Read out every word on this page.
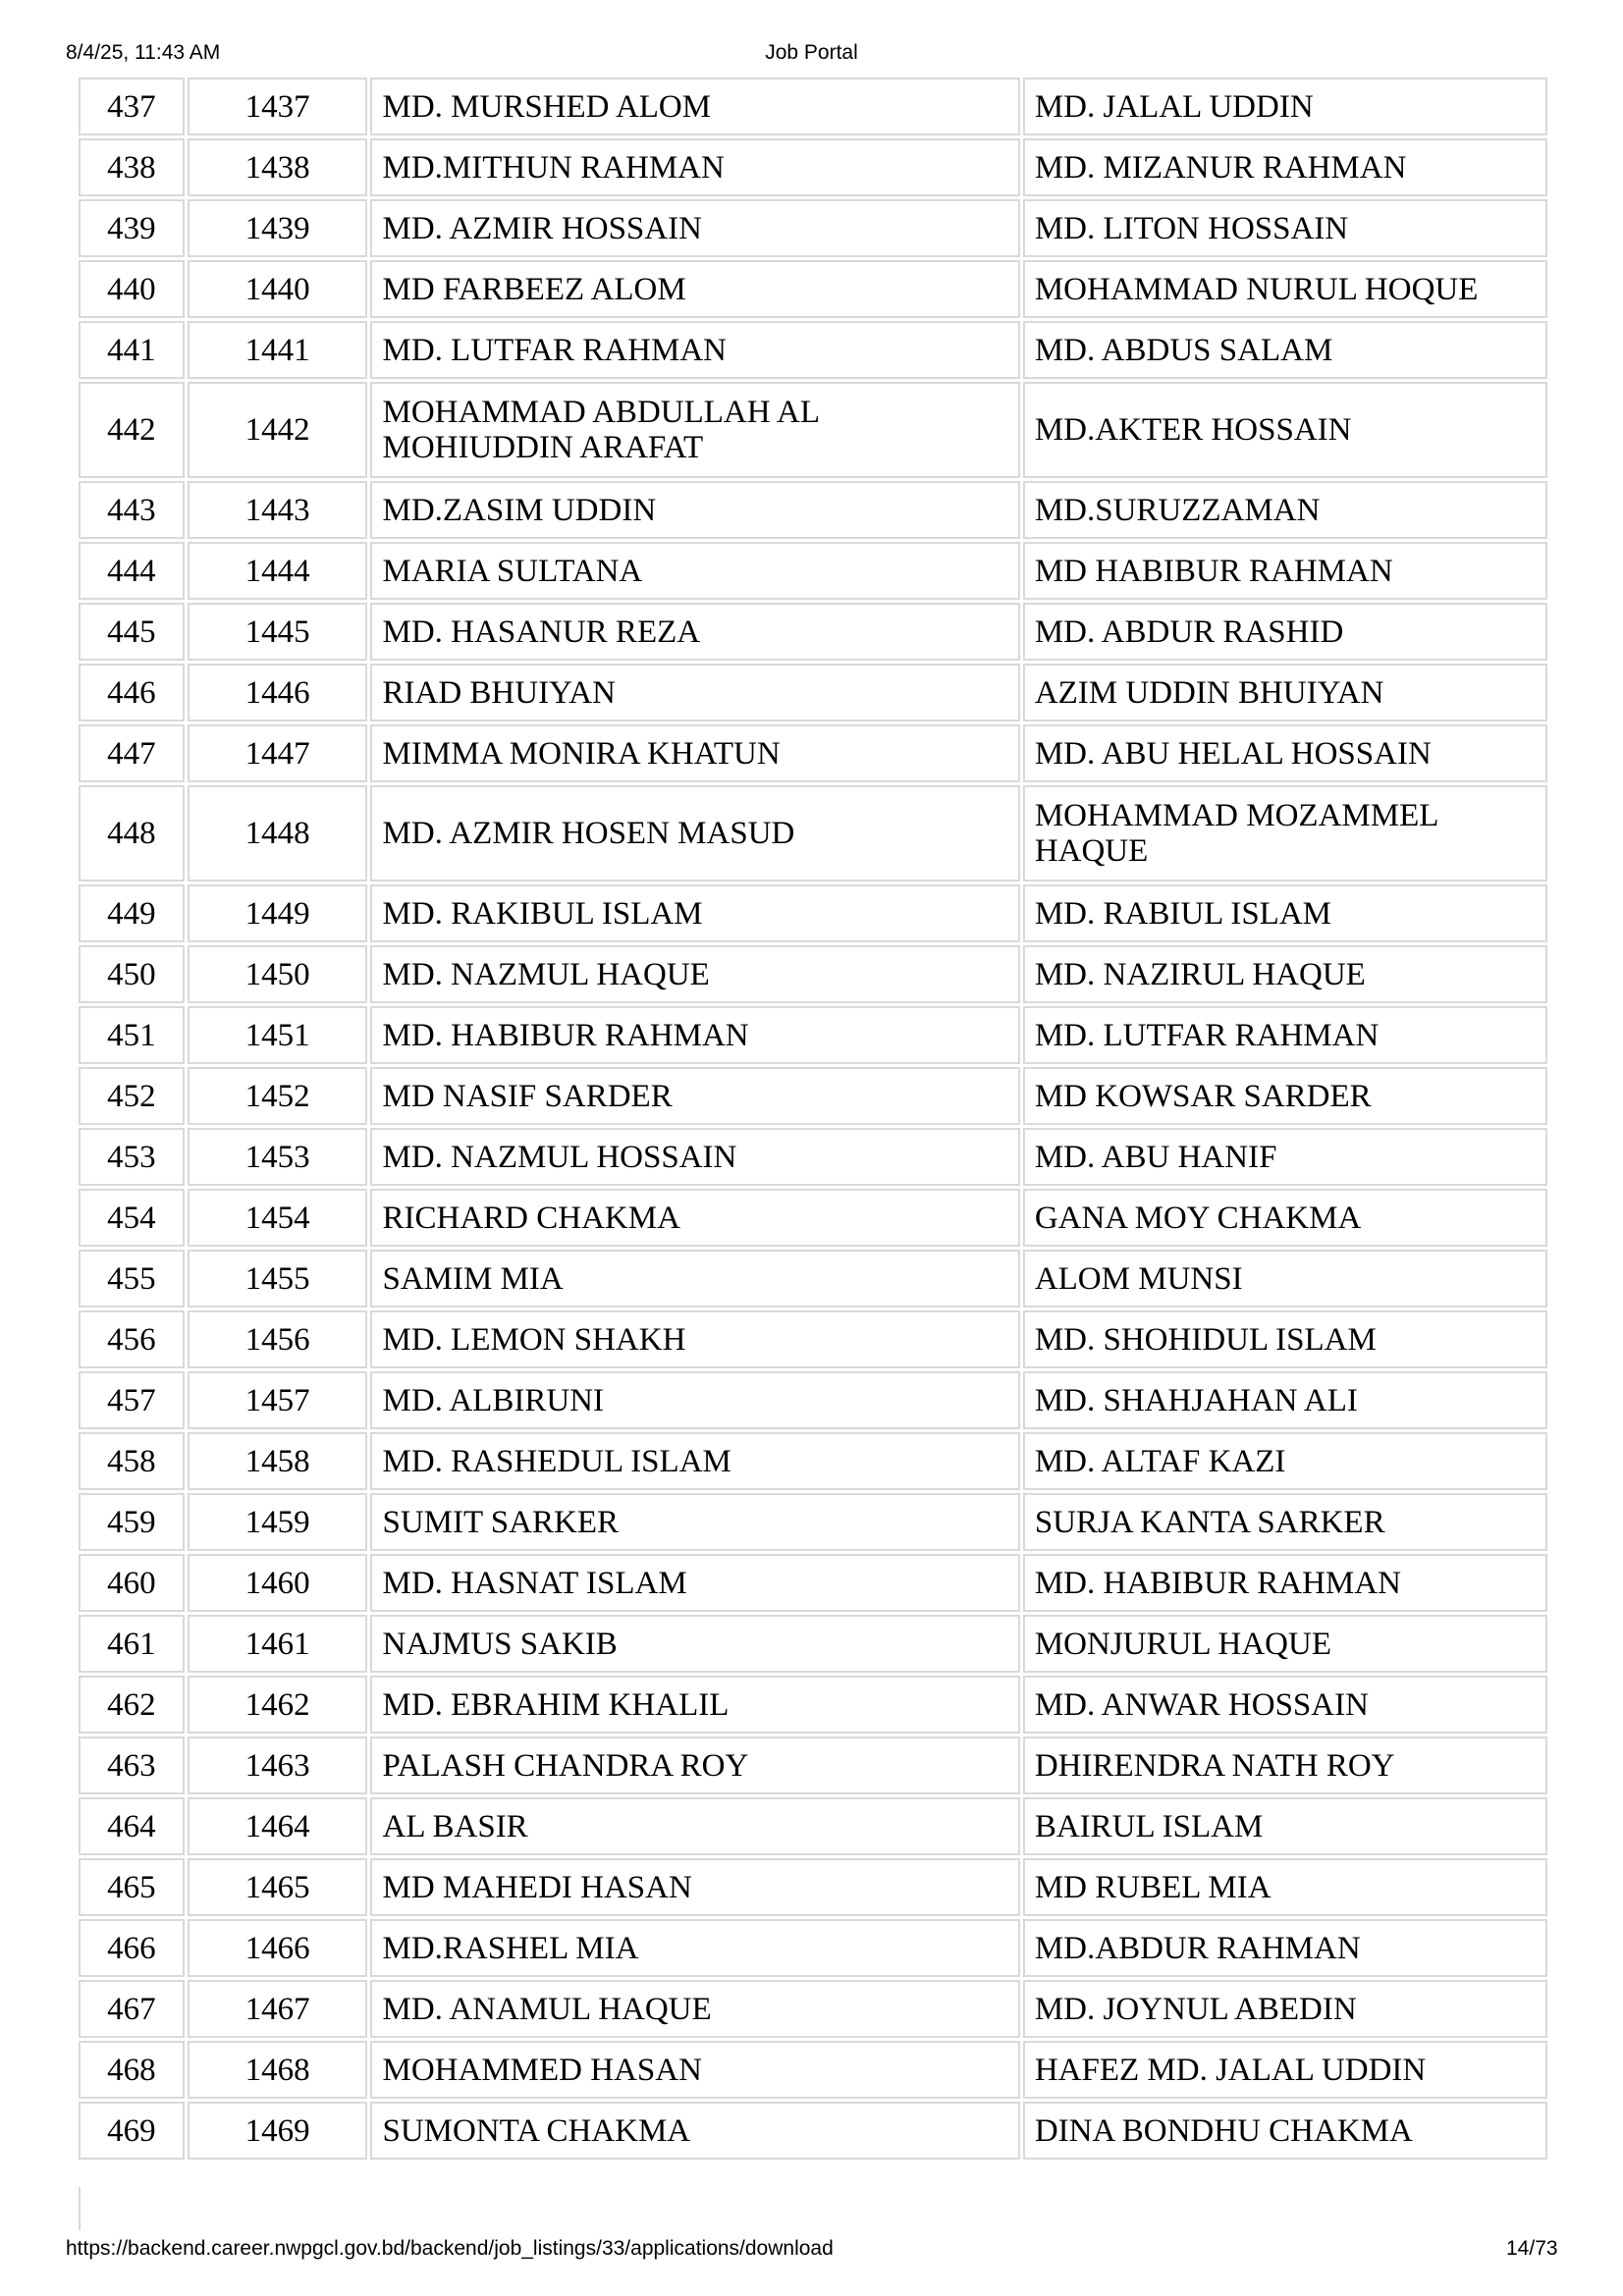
8/4/25, 11:43 AM	Job Portal
437	1437	MD. MURSHED ALOM	MD. JALAL UDDIN
438	1438	MD.MITHUN RAHMAN	MD. MIZANUR RAHMAN
439	1439	MD. AZMIR HOSSAIN	MD. LITON HOSSAIN
440	1440	MD FARBEEZ ALOM	MOHAMMAD NURUL HOQUE
441	1441	MD. LUTFAR RAHMAN	MD. ABDUS SALAM
442	1442	MOHAMMAD ABDULLAH AL MOHIUDDIN ARAFAT	MD.AKTER HOSSAIN
443	1443	MD.ZASIM UDDIN	MD.SURUZZAMAN
444	1444	MARIA SULTANA	MD HABIBUR RAHMAN
445	1445	MD. HASANUR REZA	MD. ABDUR RASHID
446	1446	RIAD BHUIYAN	AZIM UDDIN BHUIYAN
447	1447	MIMMA MONIRA KHATUN	MD. ABU HELAL HOSSAIN
448	1448	MD. AZMIR HOSEN MASUD	MOHAMMAD MOZAMMEL HAQUE
449	1449	MD. RAKIBUL ISLAM	MD. RABIUL ISLAM
450	1450	MD. NAZMUL HAQUE	MD. NAZIRUL HAQUE
451	1451	MD. HABIBUR RAHMAN	MD. LUTFAR RAHMAN
452	1452	MD NASIF SARDER	MD KOWSAR SARDER
453	1453	MD. NAZMUL HOSSAIN	MD. ABU HANIF
454	1454	RICHARD CHAKMA	GANA MOY CHAKMA
455	1455	SAMIM MIA	ALOM MUNSI
456	1456	MD. LEMON SHAKH	MD. SHOHIDUL ISLAM
457	1457	MD. ALBIRUNI	MD. SHAHJAHAN ALI
458	1458	MD. RASHEDUL ISLAM	MD. ALTAF KAZI
459	1459	SUMIT SARKER	SURJA KANTA SARKER
460	1460	MD. HASNAT ISLAM	MD. HABIBUR RAHMAN
461	1461	NAJMUS SAKIB	MONJURUL HAQUE
462	1462	MD. EBRAHIM KHALIL	MD. ANWAR HOSSAIN
463	1463	PALASH CHANDRA ROY	DHIRENDRA NATH ROY
464	1464	AL BASIR	BAIRUL ISLAM
465	1465	MD MAHEDI HASAN	MD RUBEL MIA
466	1466	MD.RASHEL MIA	MD.ABDUR RAHMAN
467	1467	MD. ANAMUL HAQUE	MD. JOYNUL ABEDIN
468	1468	MOHAMMED HASAN	HAFEZ MD. JALAL UDDIN
469	1469	SUMONTA CHAKMA	DINA BONDHU CHAKMA
https://backend.career.nwpgcl.gov.bd/backend/job_listings/33/applications/download	14/73
